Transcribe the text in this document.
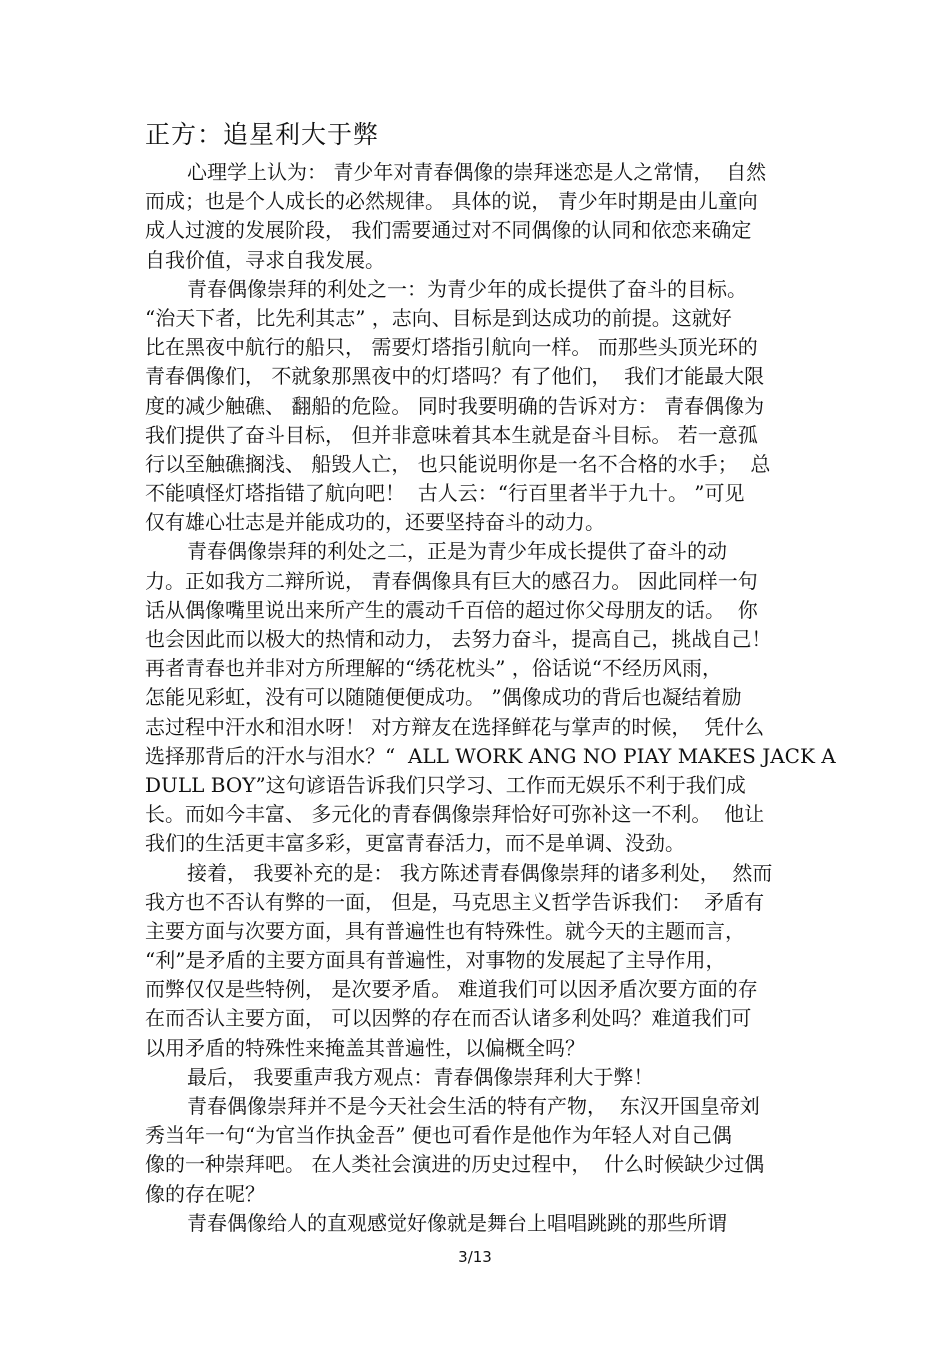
正方：追星利大于弊
心理学上认为： 青少年对青春偶像的崇拜迷恋是人之常情，  自然
而成；也是个人成长的必然规律。 具体的说， 青少年时期是由儿童向
成人过渡的发展阶段， 我们需要通过对不同偶像的认同和依恋来确定
自我价值，寻求自我发展。
青春偶像崇拜的利处之一：为青少年的成长提供了奋斗的目标。
“治天下者，比先利其志” ，志向、目标是到达成功的前提。这就好
比在黑夜中航行的船只， 需要灯塔指引航向一样。 而那些头顶光环的
青春偶像们， 不就象那黑夜中的灯塔吗？有了他们，  我们才能最大限
度的减少触礁、 翻船的危险。 同时我要明确的告诉对方： 青春偶像为
我们提供了奋斗目标， 但并非意味着其本生就是奋斗目标。 若一意孤
行以至触礁搁浅、 船毁人亡， 也只能说明你是一名不合格的水手；  总
不能嗔怪灯塔指错了航向吧！  古人云：“行百里者半于九十。 ”可见
仅有雄心壮志是并能成功的，还要坚持奋斗的动力。
青春偶像崇拜的利处之二，正是为青少年成长提供了奋斗的动
力。正如我方二辩所说， 青春偶像具有巨大的感召力。 因此同样一句
话从偶像嘴里说出来所产生的震动千百倍的超过你父母朋友的话。  你
也会因此而以极大的热情和动力， 去努力奋斗，提高自己，挑战自己！
再者青春也并非对方所理解的“绣花枕头” ，俗话说“不经历风雨，
怎能见彩虹，没有可以随随便便成功。 ”偶像成功的背后也凝结着励
志过程中汗水和泪水呀！ 对方辩友在选择鲜花与掌声的时候，  凭什么
选择那背后的汗水与泪水？“  ALL WORK ANG NO PIAY MAKES JACK A
DULL BOY”这句谚语告诉我们只学习、工作而无娱乐不利于我们成
长。而如今丰富、 多元化的青春偶像崇拜恰好可弥补这一不利。  他让
我们的生活更丰富多彩，更富青春活力，而不是单调、没劲。
接着， 我要补充的是： 我方陈述青春偶像崇拜的诸多利处，  然而
我方也不否认有弊的一面， 但是，马克思主义哲学告诉我们：  矛盾有
主要方面与次要方面，具有普遍性也有特殊性。就今天的主题而言，
“利”是矛盾的主要方面具有普遍性，对事物的发展起了主导作用，
而弊仅仅是些特例， 是次要矛盾。 难道我们可以因矛盾次要方面的存
在而否认主要方面， 可以因弊的存在而否认诸多利处吗？难道我们可
以用矛盾的特殊性来掩盖其普遍性，以偏概全吗？
最后， 我要重声我方观点：青春偶像崇拜利大于弊！
青春偶像崇拜并不是今天社会生活的特有产物，  东汉开国皇帝刘
秀当年一句“为官当作执金吾” 便也可看作是他作为年轻人对自己偶
像的一种崇拜吧。 在人类社会演进的历史过程中，  什么时候缺少过偶
像的存在呢？
青春偶像给人的直观感觉好像就是舞台上唱唱跳跳的那些所谓
3/13
